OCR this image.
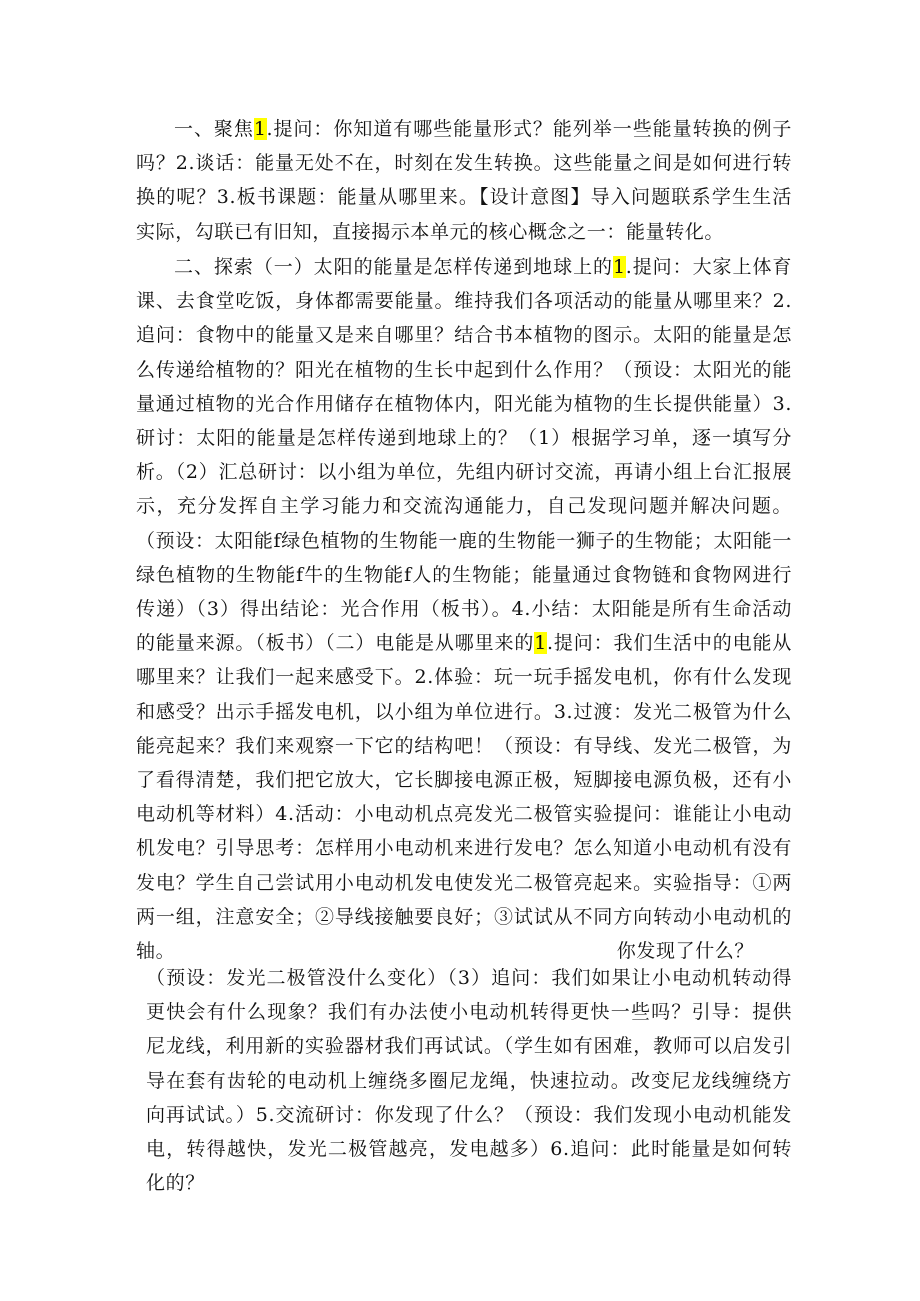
一、聚焦1.提问：你知道有哪些能量形式？能列举一些能量转换的例子吗？2.谈话：能量无处不在，时刻在发生转换。这些能量之间是如何进行转换的呢？3.板书课题：能量从哪里来。【设计意图】导入问题联系学生生活实际，勾联已有旧知，直接揭示本单元的核心概念之一：能量转化。

二、探索（一）太阳的能量是怎样传递到地球上的1.提问：大家上体育课、去食堂吃饭，身体都需要能量。维持我们各项活动的能量从哪里来？2.追问：食物中的能量又是来自哪里？结合书本植物的图示。太阳的能量是怎么传递给植物的？阳光在植物的生长中起到什么作用？（预设：太阳光的能量通过植物的光合作用储存在植物体内，阳光能为植物的生长提供能量）3.研讨：太阳的能量是怎样传递到地球上的？（1）根据学习单，逐一填写分析。（2）汇总研讨：以小组为单位，先组内研讨交流，再请小组上台汇报展示，充分发挥自主学习能力和交流沟通能力，自己发现问题并解决问题。（预设：太阳能f绿色植物的生物能一鹿的生物能一狮子的生物能；太阳能一绿色植物的生物能f牛的生物能f人的生物能；能量通过食物链和食物网进行传递）（3）得出结论：光合作用（板书）。4.小结：太阳能是所有生命活动的能量来源。（板书）（二）电能是从哪里来的1.提问：我们生活中的电能从哪里来？让我们一起来感受下。2.体验：玩一玩手摇发电机，你有什么发现和感受？出示手摇发电机，以小组为单位进行。3.过渡：发光二极管为什么能亮起来？我们来观察一下它的结构吧！（预设：有导线、发光二极管，为了看得清楚，我们把它放大，它长脚接电源正极，短脚接电源负极，还有小电动机等材料）4.活动：小电动机点亮发光二极管实验提问：谁能让小电动机发电？引导思考：怎样用小电动机来进行发电？怎么知道小电动机有没有发电？学生自己尝试用小电动机发电使发光二极管亮起来。实验指导：①两两一组，注意安全；②导线接触要良好；③试试从不同方向转动小电动机的轴。	你发现了什么？

（预设：发光二极管没什么变化）（3）追问：我们如果让小电动机转动得更快会有什么现象？我们有办法使小电动机转得更快一些吗？引导：提供尼龙线，利用新的实验器材我们再试试。（学生如有困难，教师可以启发引导在套有齿轮的电动机上缠绕多圈尼龙绳，快速拉动。改变尼龙线缠绕方向再试试。）5.交流研讨：你发现了什么？（预设：我们发现小电动机能发电，转得越快，发光二极管越亮，发电越多）6.追问：此时能量是如何转化的？
